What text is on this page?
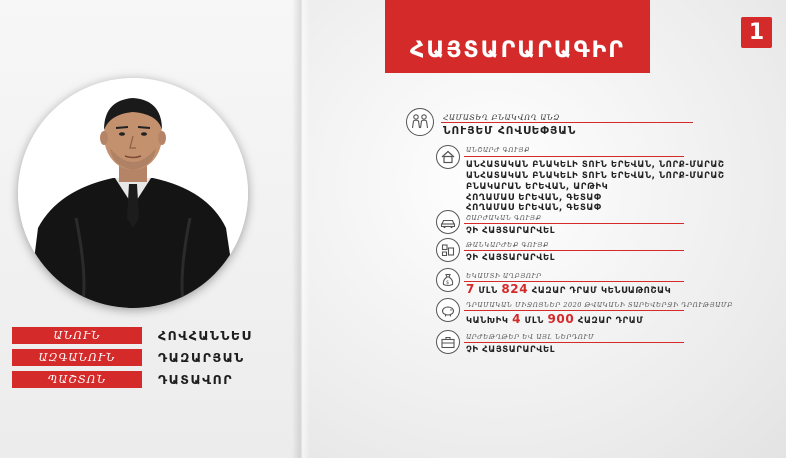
ԱՆՈՒՆ	ՀՈՎՀԱՆՆԵՍ
ԱԶԳԱՆՈՒՆ	ԴԱԶԱՐՅԱՆ
ՊԱՇՏՈՆ	ԴԱՏԱՎՈՐ
ՀԱՅՏԱՐԱՐԱԳԻՐ
1
ՀԱՄԱՏԵՂ ԲՆԱԿՎՈՂ ԱՆՁ
ՆՈՒՅԵՄ ՀՈՎՍԵՓՅԱՆ
ԱՆՇԱՐԺ ԳՈՒՅՔ
ԱՆՀԱՏԱԿԱՆ ԲՆԱԿԵԼԻ ՏՈՒՆ ԵՐԵՎԱՆ, ՆՈՐՔ-ՄԱՐԱՇ
ԱՆՀԱՏԱԿԱՆ ԲՆԱԿԵԼԻ ՏՈՒՆ ԵՐԵՎԱՆ, ՆՈՐՔ-ՄԱՐԱՇ
ԲՆԱԿԱՐԱՆ ԵՐԵՎԱՆ, ԱՐԹԻԿ
ՀՈՂԱՄԱՍ ԵՐԵՎԱՆ, ԳԵՏԱՓ
ՀՈՂԱՄԱՍ ԵՐԵՎԱՆ, ԳԵՏԱՓ
ՇԱՐԺԱԿԱՆ ԳՈՒՅՔ
ՉԻ ՀԱՅՏԱՐԱՐՎԵԼ
ԹԱՆԿԱՐԺԵՔ ԳՈՒՅՔ
ՉԻ ՀԱՅՏԱՐԱՐՎԵԼ
$
ԵԿԱՄՏԻ ԱՂԲՅՈՒՐ
7 ՄԼՆ 824 ՀԱԶԱՐ ԴՐԱՄ ԿԵՆՍԱԹՈՇԱԿ
ԴՐԱՄԱԿԱՆ ՄԻՋՈՑՆԵՐ 2020 ԹՎԱԿԱՆԻ ՏԱՐԵՎԵՐՋԻ ԴՐՈՒԹՅԱՄԲ
ԿԱՆԽԻԿ 4 ՄԼՆ 900 ՀԱԶԱՐ ԴՐԱՄ
ԱՐԺԵԹՂԹԵՐ ԵՎ ԱՅԼ ՆԵՐԴՈՒՄ
ՉԻ ՀԱՅՏԱՐԱՐՎԵԼ
